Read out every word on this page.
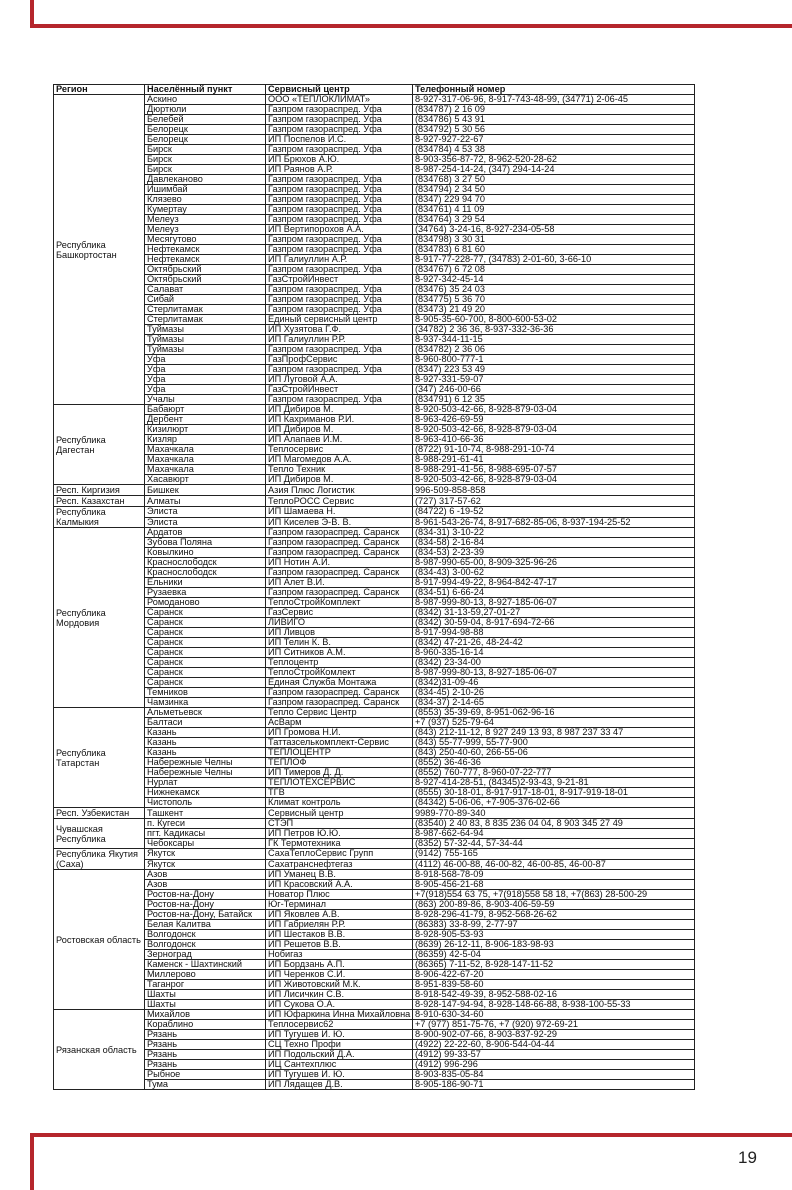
Регион	Населённый пункт	Сервисный центр	Телефонный номер
Республика Башкортостан	Аскино	ООО «ТЕПЛОКЛИМАТ»	8-927-317-06-96, 8-917-743-48-99, (34771) 2-06-45
	Дюртюли	Газпром газораспред. Уфа	(834787) 2 16 09
	Белебей	Газпром газораспред. Уфа	(834786) 5 43 91
	Белорецк	Газпром газораспред. Уфа	(834792) 5 30 56
	Белорецк	ИП Поспелов И.С.	8-927-927-22-67
	Бирск	Газпром газораспред. Уфа	(834784) 4 53 38
	Бирск	ИП Брюхов А.Ю.	8-903-356-87-72, 8-962-520-28-62
	Бирск	ИП Раянов А.Р.	8-987-254-14-24, (347) 294-14-24
	Давлеканово	Газпром газораспред. Уфа	(834768) 3 27 50
	Ишимбай	Газпром газораспред. Уфа	(834794) 2 34 50
	Клязево	Газпром газораспред. Уфа	(8347) 229 94 70
	Кумертау	Газпром газораспред. Уфа	(834761) 4 11 09
	Мелеуз	Газпром газораспред. Уфа	(834764) 3 29 54
	Мелеуз	ИП Вертипорохов А.А.	(34764) 3-24-16, 8-927-234-05-58
	Месягутово	Газпром газораспред. Уфа	(834798) 3 30 31
	Нефтекамск	Газпром газораспред. Уфа	(834783) 6 81 60
	Нефтекамск	ИП Галиуллин А.Р.	8-917-77-228-77, (34783) 2-01-60, 3-66-10
	Октябрьский	Газпром газораспред. Уфа	(834767) 6 72 08
	Октябрьский	ГазСтройИнвест	8-927-342-45-14
	Салават	Газпром газораспред. Уфа	(83476) 35 24 03
	Сибай	Газпром газораспред. Уфа	(834775) 5 36 70
	Стерлитамак	Газпром газораспред. Уфа	(83473) 21 49 20
	Стерлитамак	Единый сервисный центр	8-905-35-60-700, 8-800-600-53-02
	Туймазы	ИП Хузятова Г.Ф.	(34782) 2 36 36, 8-937-332-36-36
	Туймазы	ИП Галиуллин Р.Р.	8-937-344-11-15
	Туймазы	Газпром газораспред. Уфа	(834782) 2 36 06
	Уфа	ГазПрофСервис	8-960-800-777-1
	Уфа	Газпром газораспред. Уфа	(8347) 223 53 49
	Уфа	ИП Луговой А.А.	8-927-331-59-07
	Уфа	ГазСтройИнвест	(347) 246-00-66
	Учалы	Газпром газораспред. Уфа	(834791) 6 12 35
Республика Дагестан	Бабаюрт	ИП Дибиров М.	8-920-503-42-66, 8-928-879-03-04
	Дербент	ИП Кахриманов Р.И.	8-963-426-69-59
	Кизилюрт	ИП Дибиров М.	8-920-503-42-66, 8-928-879-03-04
	Кизляр	ИП Алапаев И.М.	8-963-410-66-36
	Махачкала	Теплосервис	(8722) 91-10-74, 8-988-291-10-74
	Махачкала	ИП Магомедов А.А.	8-988-291-61-41
	Махачкала	Тепло Техник	8-988-291-41-56, 8-988-695-07-57
	Хасавюрт	ИП Дибиров М.	8-920-503-42-66, 8-928-879-03-04
Респ. Киргизия	Бишкек	Азия Плюс Логистик	996-509-858-858
Респ. Казахстан	Алматы	ТеплоРОСС Сервис	(727) 317-57-62
Республика Калмыкия	Элиста	ИП Шамаева Н.	(84722) 6 -19-52
	Элиста	ИП Киселев Э-В. В.	8-961-543-26-74, 8-917-682-85-06, 8-937-194-25-52
Республика Мордовия	Ардатов	Газпром газораспред. Саранск	(834-31) 3-10-22
	Зубова Поляна	Газпром газораспред. Саранск	(834-58) 2-16-84
	Ковылкино	Газпром газораспред. Саранск	(834-53) 2-23-39
	Краснослободск	ИП Нотин А.И.	8-987-990-65-00, 8-909-325-96-26
	Краснослободск	Газпром газораспред. Саранск	(834-43) 3-00-62
	Ельники	ИП Алет В.И.	8-917-994-49-22, 8-964-842-47-17
	Рузаевка	Газпром газораспред. Саранск	(834-51) 6-66-24
	Ромоданово	ТеплоСтройКомплект	8-987-999-80-13, 8-927-185-06-07
	Саранск	ГазСервис	(8342) 31-13-59,27-01-27
	Саранск	ЛИВИГО	(8342) 30-59-04, 8-917-694-72-66
	Саранск	ИП Ливцов	8-917-994-98-88
	Саранск	ИП Телин К. В.	(8342) 47-21-26, 48-24-42
	Саранск	ИП Ситников А.М.	8-960-335-16-14
	Саранск	Теплоцентр	(8342) 23-34-00
	Саранск	ТеплоСтройКомлект	8-987-999-80-13, 8-927-185-06-07
	Саранск	Единая Служба Монтажа	(8342)31-09-46
	Темников	Газпром газораспред. Саранск	(834-45) 2-10-26
	Чамзинка	Газпром газораспред. Саранск	(834-37) 2-14-65
Республика Татарстан	Альметьевск	Тепло Сервис Центр	(8553) 35-39-69, 8-951-062-96-16
	Балтаси	АсВарм	+7 (937) 525-79-64
	Казань	ИП Громова Н.И.	(843) 212-11-12, 8 927 249 13 93, 8 987 237 33 47
	Казань	Таттазселькомплект-Сервис	(843) 55-77-999, 55-77-900
	Казань	ТЕПЛОЦЕНТР	(843) 250-40-60, 266-55-06
	Набережные Челны	ТЕПЛОФ	(8552) 36-46-36
	Набережные Челны	ИП Тимеров Д. Д.	(8552) 760-777, 8-960-07-22-777
	Нурлат	ТЕПЛОТЕХСЕРВИС	8-927-414-28-51, (84345)2-93-43, 9-21-81
	Нижнекамск	ТГВ	(8555) 30-18-01, 8-917-917-18-01, 8-917-919-18-01
	Чистополь	Климат контроль	(84342) 5-06-06, +7-905-376-02-66
Респ. Узбекистан	Ташкент	Сервисный центр	9989-770-89-340
Чувашская Республика	п. Кугеси	СТЭП	(83540) 2 40 83, 8 835 236 04 04, 8 903 345 27 49
	пгт. Кадикасы	ИП Петров Ю.Ю.	8-987-662-64-94
	Чебоксары	ГК Термотехника	(8352) 57-32-44, 57-34-44
Республика Якутия (Саха)	Якутск	СахаТеплоСервис Групп	(9142) 755-165
	Якутск	Сахатранснефтегаз	(4112) 46-00-88, 46-00-82, 46-00-85, 46-00-87
Ростовская область	Азов	ИП Уманец В.В.	8-918-568-78-09
	Азов	ИП Красовский А.А.	8-905-456-21-68
	Ростов-на-Дону	Новатор Плюс	+7(918)554 63 75, +7(918)558 58 18, +7(863) 28-500-29
	Ростов-на-Дону	Юг-Терминал	(863) 200-89-86, 8-903-406-59-59
	Ростов-на-Дону, Батайск	ИП Яковлев А.В.	8-928-296-41-79, 8-952-568-26-62
	Белая Калитва	ИП Габриелян Р.Р.	(86383) 33-8-99, 2-77-97
	Волгодонск	ИП Шестаков В.В.	8-928-905-53-93
	Волгодонск	ИП Решетов В.В.	(8639) 26-12-11, 8-906-183-98-93
	Зерноград	Нобигаз	(86359) 42-5-04
	Каменск - Шахтинский	ИП Бордзань А.П.	(86365) 7-11-52, 8-928-147-11-52
	Миллерово	ИП Черенков С.И.	8-906-422-67-20
	Таганрог	ИП Животовский М.К.	8-951-839-58-60
	Шахты	ИП Лисичкин С.В.	8-918-542-49-39, 8-952-588-02-16
	Шахты	ИП Сукова О.А.	8-928-147-94-94, 8-928-148-66-88, 8-938-100-55-33
Рязанская область	Михайлов	ИП Юфаркина Инна Михайловна	8-910-630-34-60
	Кораблино	Теплосервис62	+7 (977) 851-75-76, +7 (920) 972-69-21
	Рязань	ИП Тугушев И. Ю.	8-900-902-07-66, 8-903-837-92-29
	Рязань	СЦ Техно Профи	(4922) 22-22-60, 8-906-544-04-44
	Рязань	ИП Подольский Д.А.	(4912) 99-33-57
	Рязань	ИЦ Сантехплюс	(4912) 996-296
	Рыбное	ИП Тугушев И. Ю.	8-903-835-05-84
	Тума	ИП Лядащев Д.В.	8-905-186-90-71
19
